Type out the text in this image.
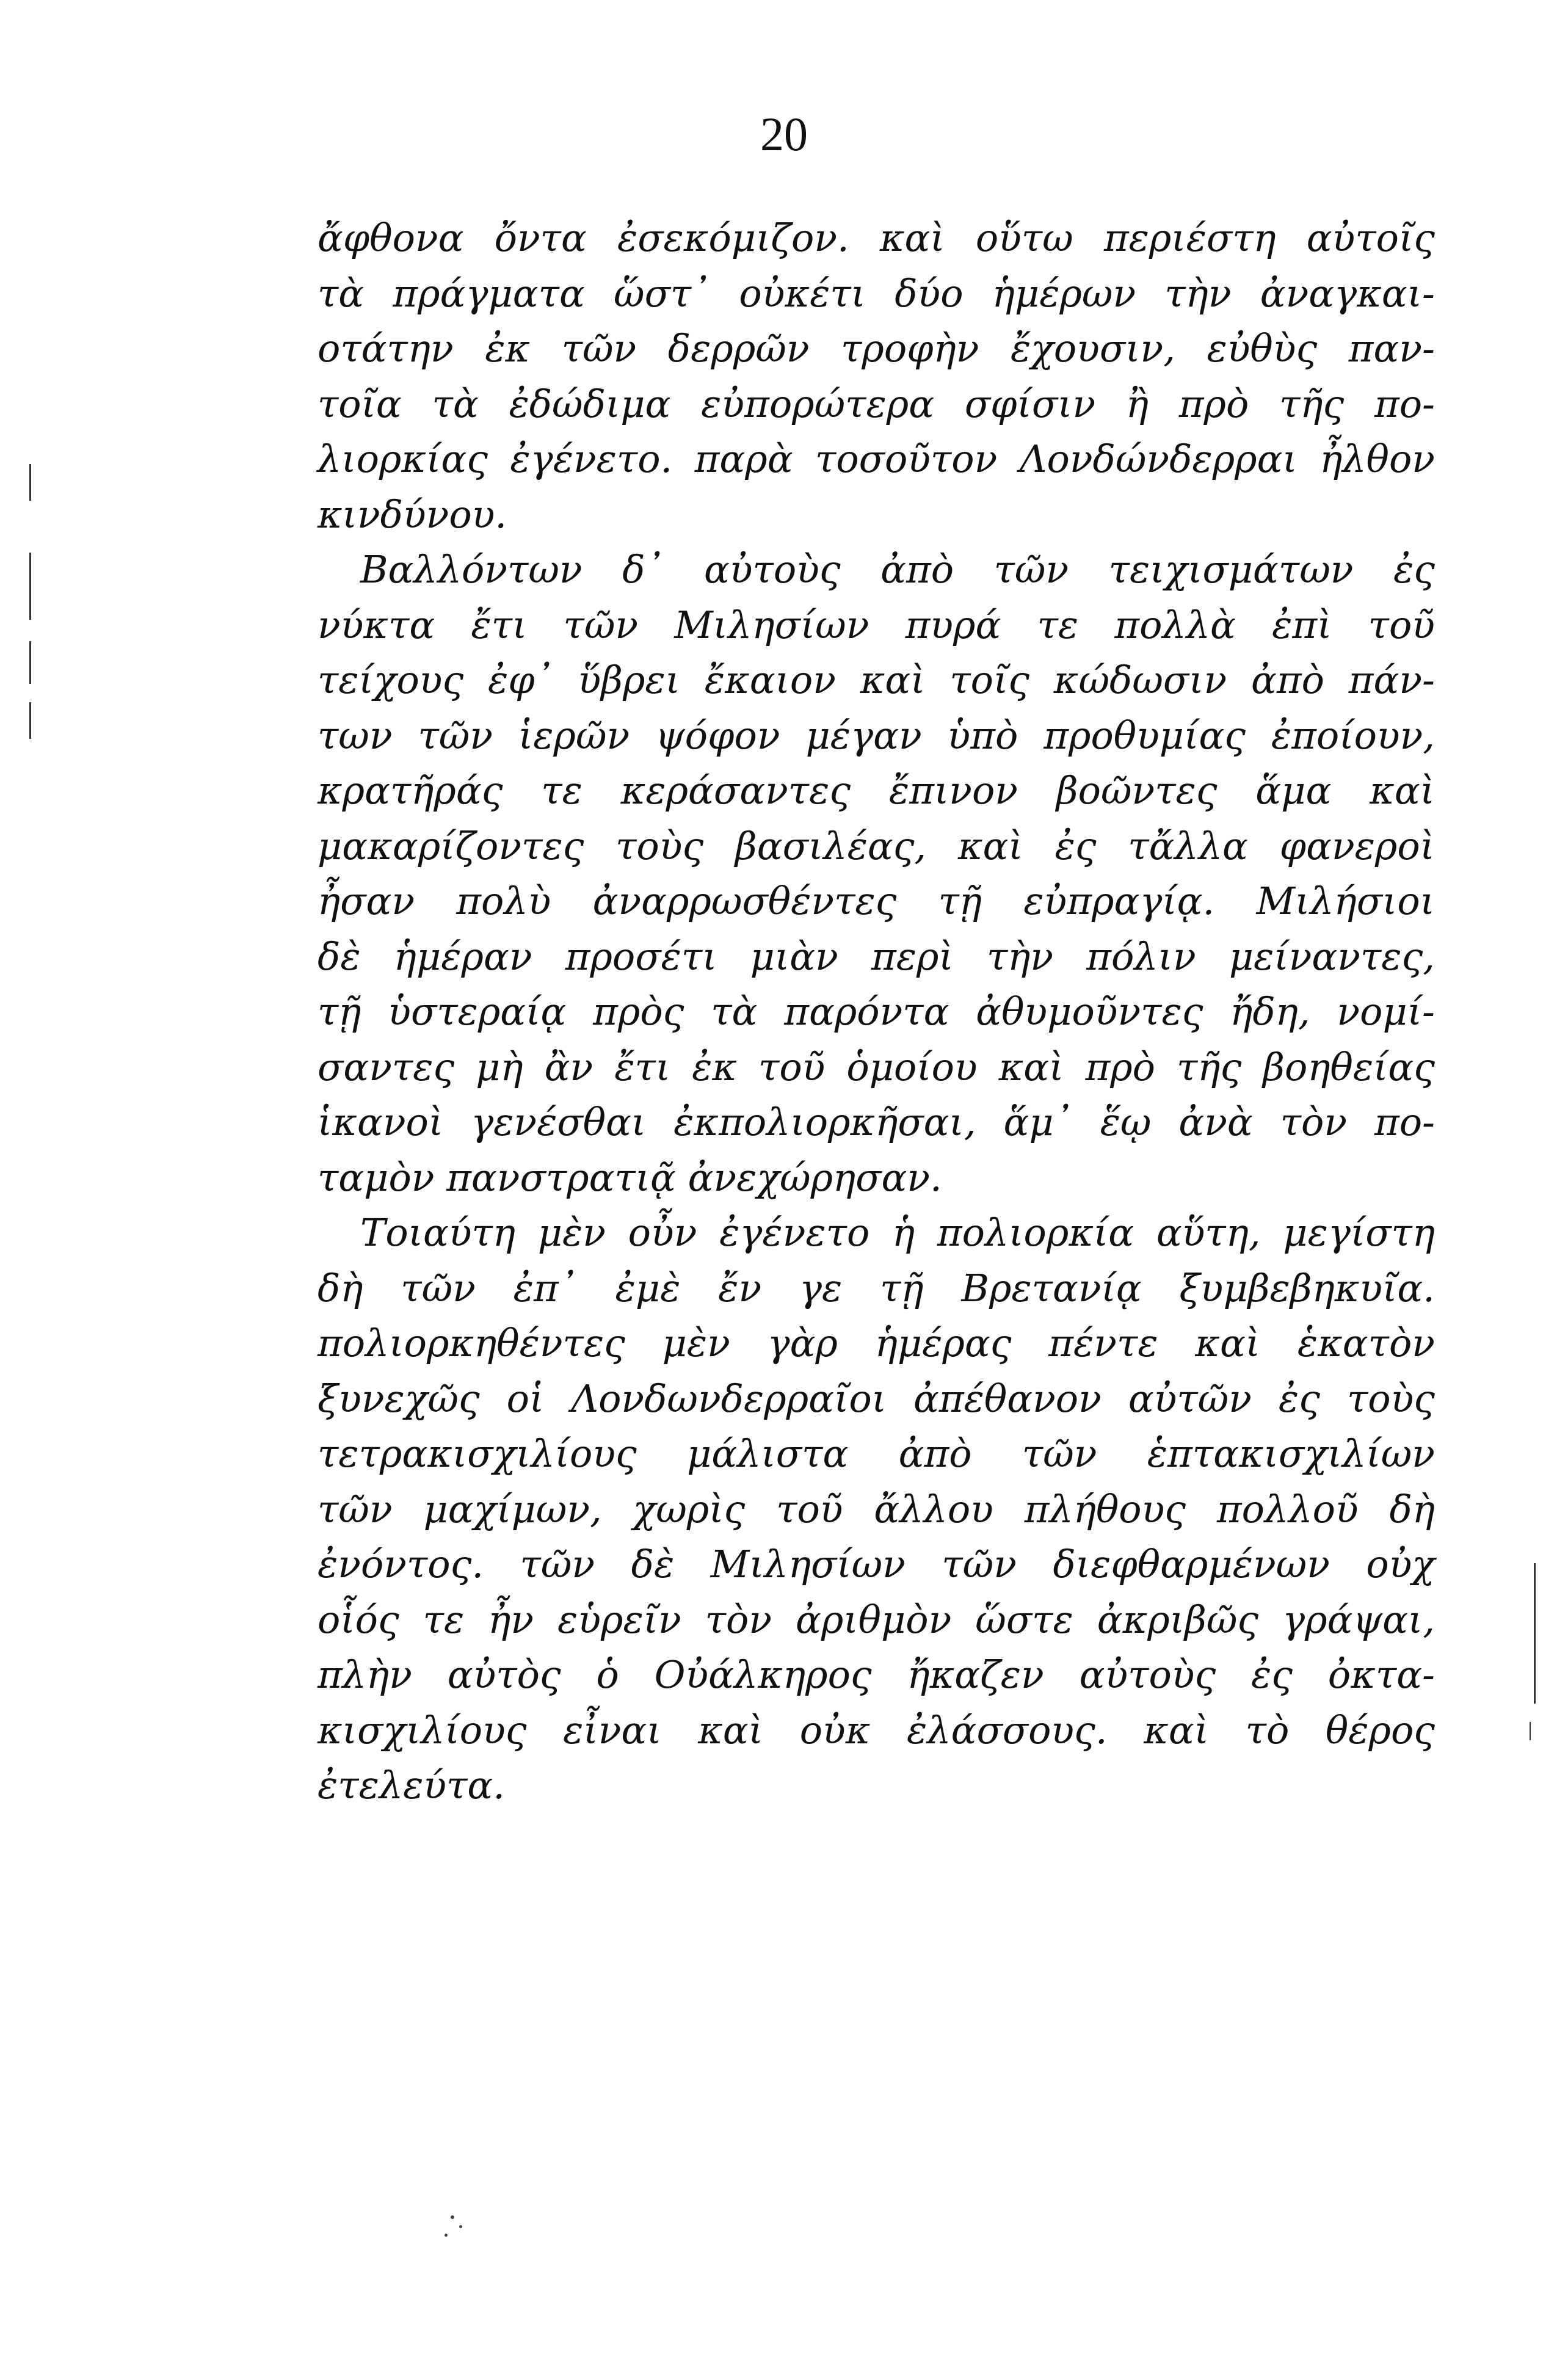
20
ἄφθονα ὄντα ἐσεκόμιζον. καὶ οὕτω περιέστη αὐτοῖς
τὰ πράγματα ὥστ᾽ οὐκέτι δύο ἡμέρων τὴν ἀναγκαι-
οτάτην ἐκ τῶν δερρῶν τροφὴν ἔχουσιν, εὐθὺς παν-
τοῖα τὰ ἐδώδιμα εὐπορώτερα σφίσιν ἢ πρὸ τῆς πο-
λιορκίας ἐγένετο. παρὰ τοσοῦτον Λονδώνδερραι ἦλθον
κινδύνου.
Βαλλόντων δ᾽ αὐτοὺς ἀπὸ τῶν τειχισμάτων ἐς
νύκτα ἔτι τῶν Μιλησίων πυρά τε πολλὰ ἐπὶ τοῦ
τείχους ἐφ᾽ ὕβρει ἔκαιον καὶ τοῖς κώδωσιν ἀπὸ πάν-
των τῶν ἱερῶν ψόφον μέγαν ὑπὸ προθυμίας ἐποίουν,
κρατῆράς τε κεράσαντες ἔπινον βοῶντες ἅμα καὶ
μακαρίζοντες τοὺς βασιλέας, καὶ ἐς τἄλλα φανεροὶ
ἦσαν πολὺ ἀναρρωσθέντες τῇ εὐπραγίᾳ. Μιλήσιοι
δὲ ἡμέραν προσέτι μιὰν περὶ τὴν πόλιν μείναντες,
τῇ ὑστεραίᾳ πρὸς τὰ παρόντα ἀθυμοῦντες ἤδη, νομί-
σαντες μὴ ἂν ἔτι ἐκ τοῦ ὁμοίου καὶ πρὸ τῆς βοηθείας
ἱκανοὶ γενέσθαι ἐκπολιορκῆσαι, ἅμ᾽ ἕῳ ἀνὰ τὸν πο-
ταμὸν πανστρατιᾷ ἀνεχώρησαν.
Τοιαύτη μὲν οὖν ἐγένετο ἡ πολιορκία αὕτη, μεγίστη
δὴ τῶν ἐπ᾽ ἐμὲ ἔν γε τῇ Βρετανίᾳ ξυμβεβηκυῖα.
πολιορκηθέντες μὲν γὰρ ἡμέρας πέντε καὶ ἑκατὸν
ξυνεχῶς οἱ Λονδωνδερραῖοι ἀπέθανον αὐτῶν ἐς τοὺς
τετρακισχιλίους μάλιστα ἀπὸ τῶν ἑπτακισχιλίων
τῶν μαχίμων, χωρὶς τοῦ ἄλλου πλήθους πολλοῦ δὴ
ἐνόντος. τῶν δὲ Μιλησίων τῶν διεφθαρμένων οὐχ
οἷός τε ἦν εὑρεῖν τὸν ἀριθμὸν ὥστε ἀκριβῶς γράψαι,
πλὴν αὐτὸς ὁ Οὐάλκηρος ἤκαζεν αὐτοὺς ἐς ὀκτα-
κισχιλίους εἶναι καὶ οὐκ ἐλάσσους. καὶ τὸ θέρος
ἐτελεύτα.
